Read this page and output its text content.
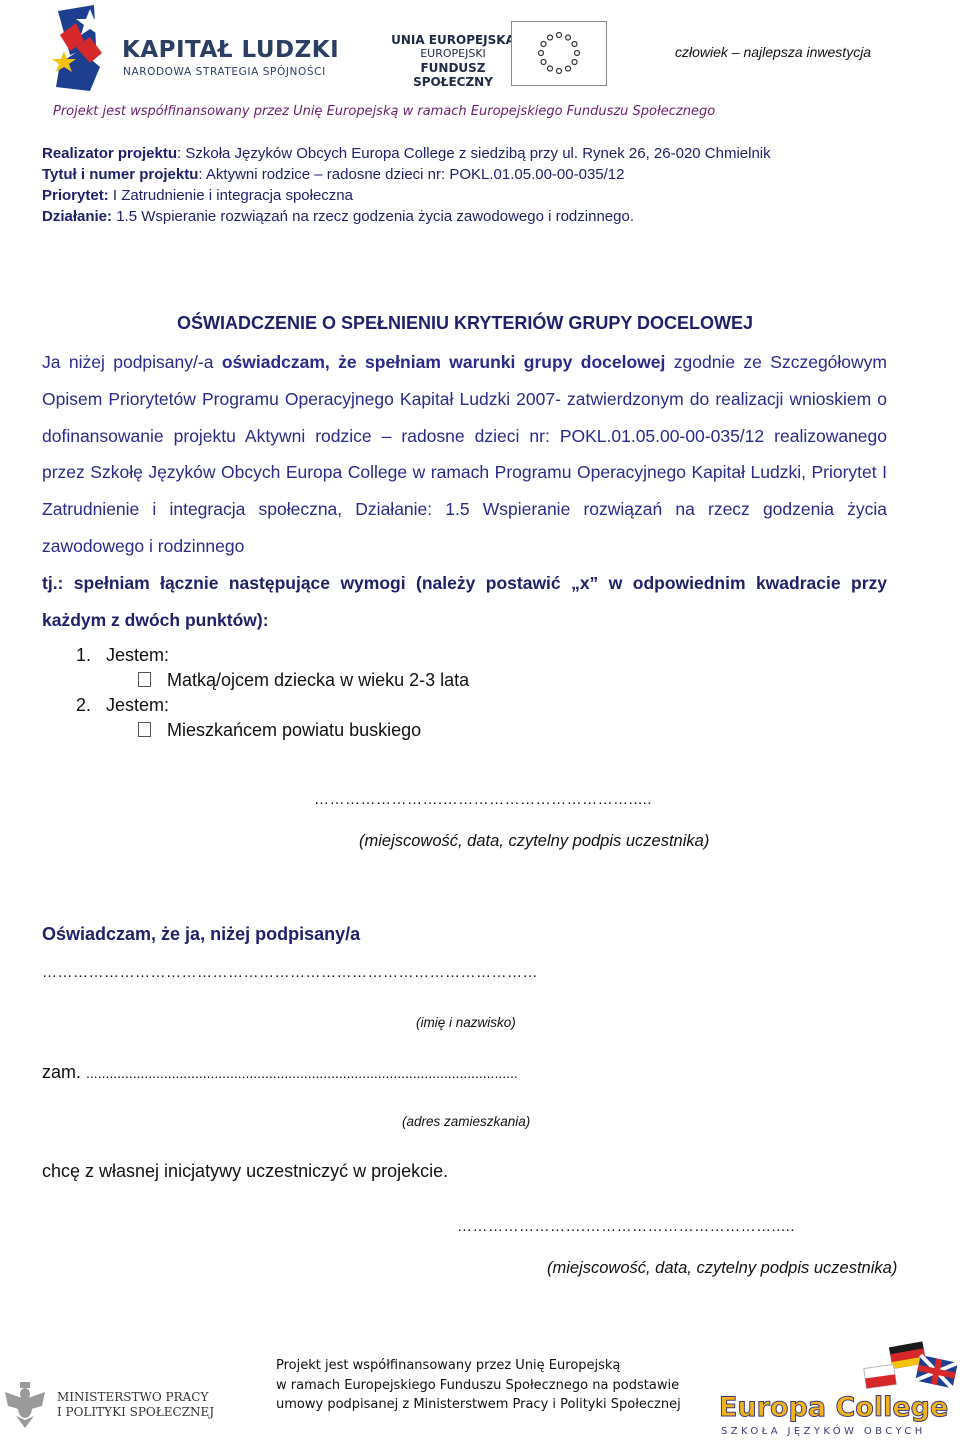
KAPITAŁ LUDZKI
NARODOWA STRATEGIA SPÓJNOŚCI
UNIA EUROPEJSKA
EUROPEJSKI
FUNDUSZ SPOŁECZNY
człowiek – najlepsza inwestycja
Projekt jest współfinansowany przez Unię Europejską w ramach Europejskiego Funduszu Społecznego
Realizator projektu: Szkoła Języków Obcych Europa College z siedzibą przy ul. Rynek 26, 26-020 Chmielnik
Tytuł i numer projektu: Aktywni rodzice – radosne dzieci nr: POKL.01.05.00-00-035/12
Priorytet: I Zatrudnienie i integracja społeczna
Działanie: 1.5 Wspieranie rozwiązań na rzecz godzenia życia zawodowego i rodzinnego.
OŚWIADCZENIE O SPEŁNIENIU KRYTERIÓW GRUPY DOCELOWEJ
Ja niżej podpisany/-a oświadczam, że spełniam warunki grupy docelowej zgodnie ze Szczegółowym Opisem Priorytetów Programu Operacyjnego Kapitał Ludzki 2007- zatwierdzonym do realizacji wnioskiem o dofinansowanie projektu Aktywni rodzice – radosne dzieci nr: POKL.01.05.00-00-035/12 realizowanego przez Szkołę Języków Obcych Europa College w ramach Programu Operacyjnego Kapitał Ludzki, Priorytet I Zatrudnienie i integracja społeczna, Działanie: 1.5 Wspieranie rozwiązań na rzecz godzenia życia zawodowego i rodzinnego
tj.: spełniam łącznie następujące wymogi (należy postawić „x” w odpowiednim kwadracie przy każdym z dwóch punktów):
1. Jestem:
Matką/ojcem dziecka w wieku 2-3 lata
2. Jestem:
Mieszkańcem powiatu buskiego
…………………….……………………………….....
(miejscowość, data, czytelny podpis uczestnika)
Oświadczam, że ja, niżej podpisany/a
……………………………………………………………………………………
(imię i nazwisko)
zam. ...............................................................................................................
(adres zamieszkania)
chcę z własnej inicjatywy uczestniczyć w projekcie.
…………………….……………………………….....
(miejscowość, data, czytelny podpis uczestnika)
MINISTERSTWO PRACY
I POLITYKI SPOŁECZNEJ
Projekt jest współfinansowany przez Unię Europejską
w ramach Europejskiego Funduszu Społecznego na podstawie
umowy podpisanej z Ministerstwem Pracy i Polityki Społecznej Europa College
SZKOŁA JĘZYKÓW OBCYCH
